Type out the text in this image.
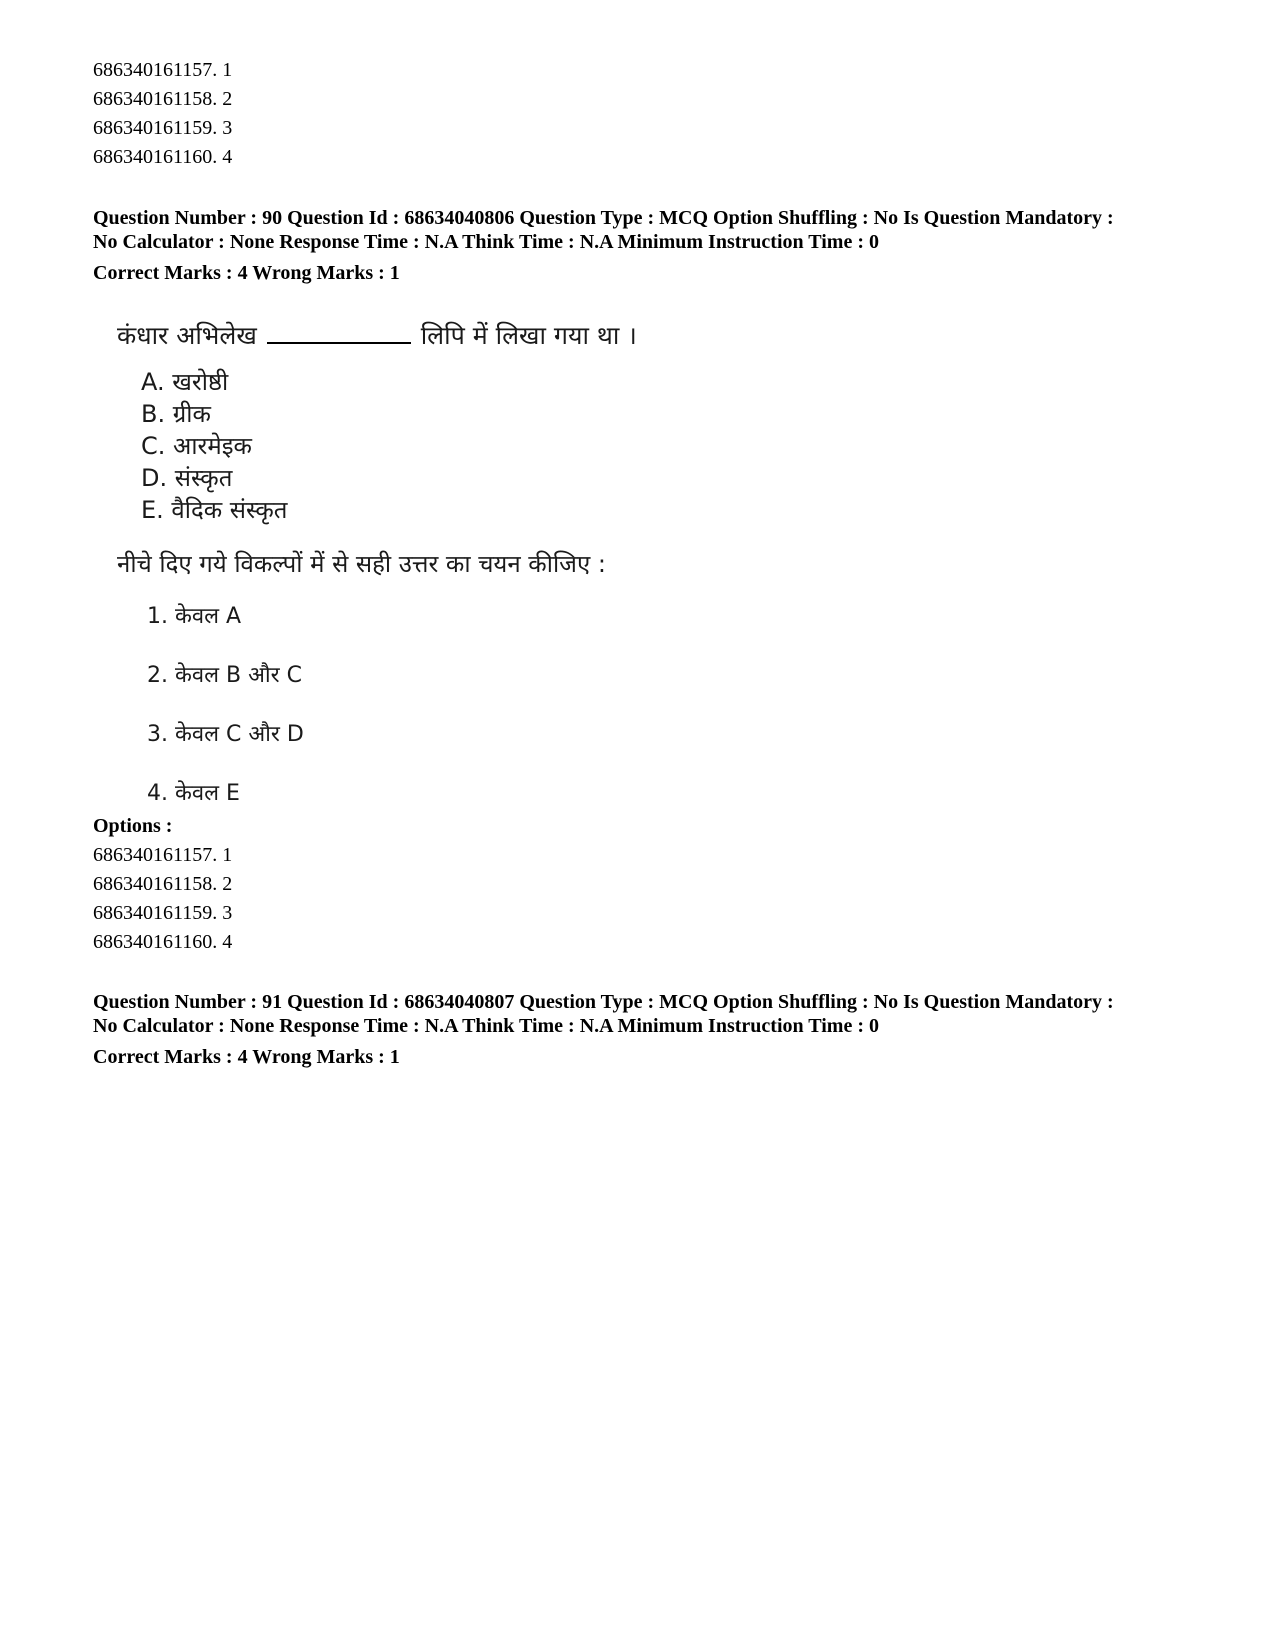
686340161157. 1
686340161158. 2
686340161159. 3
686340161160. 4
Question Number : 90 Question Id : 68634040806 Question Type : MCQ Option Shuffling : No Is Question Mandatory :
No Calculator : None Response Time : N.A Think Time : N.A Minimum Instruction Time : 0
Correct Marks : 4 Wrong Marks : 1
कंधार अभिलेख	लिपि में लिखा गया था ।
A. खरोष्ठी
B. ग्रीक
C. आरमेइक
D. संस्कृत
E. वैदिक संस्कृत
नीचे दिए गये विकल्पों में से सही उत्तर का चयन कीजिए :
1. केवल A
2. केवल B और C
3. केवल C और D
4. केवल E
Options :
686340161157. 1
686340161158. 2
686340161159. 3
686340161160. 4
Question Number : 91 Question Id : 68634040807 Question Type : MCQ Option Shuffling : No Is Question Mandatory :
No Calculator : None Response Time : N.A Think Time : N.A Minimum Instruction Time : 0
Correct Marks : 4 Wrong Marks : 1
